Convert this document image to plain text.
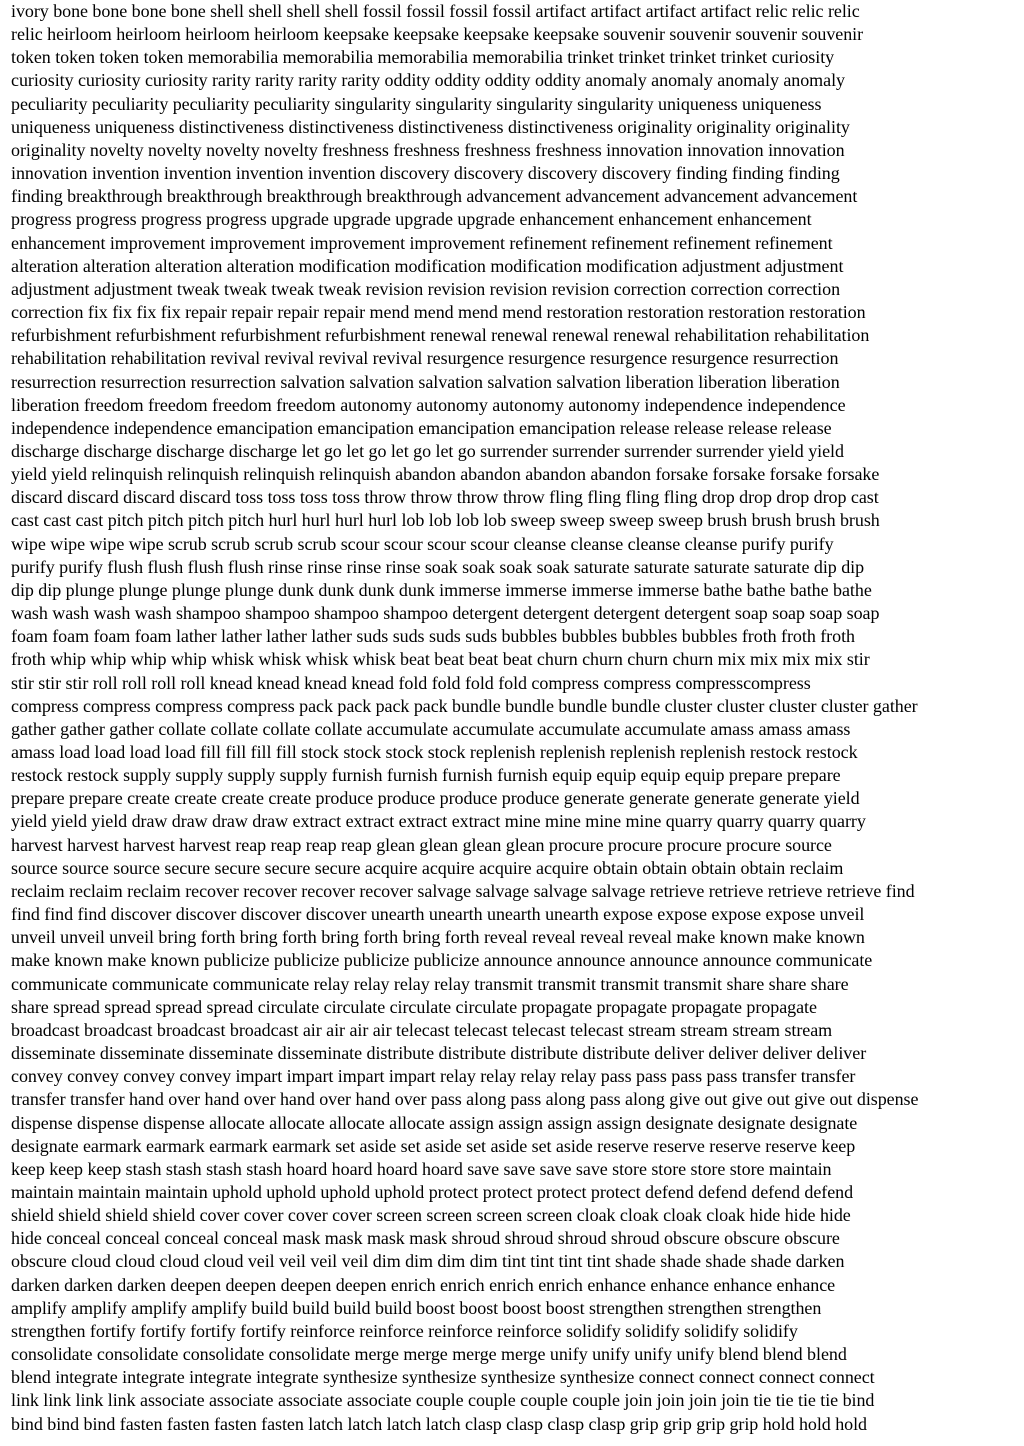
ivory bone bone bone bone shell shell shell shell fossil fossil fossil fossil artifact artifact artifact artifact relic relic relic
relic heirloom heirloom heirloom heirloom keepsake keepsake keepsake keepsake souvenir souvenir souvenir souvenir
token token token token memorabilia memorabilia memorabilia memorabilia trinket trinket trinket trinket curiosity
curiosity curiosity curiosity rarity rarity rarity rarity oddity oddity oddity oddity anomaly anomaly anomaly anomaly
peculiarity peculiarity peculiarity peculiarity singularity singularity singularity singularity uniqueness uniqueness
uniqueness uniqueness distinctiveness distinctiveness distinctiveness distinctiveness originality originality originality
originality novelty novelty novelty novelty freshness freshness freshness freshness innovation innovation innovation
innovation invention invention invention invention discovery discovery discovery discovery finding finding finding
finding breakthrough breakthrough breakthrough breakthrough advancement advancement advancement advancement
progress progress progress progress upgrade upgrade upgrade upgrade enhancement enhancement enhancement
enhancement improvement improvement improvement improvement refinement refinement refinement refinement
alteration alteration alteration alteration modification modification modification modification adjustment adjustment
adjustment adjustment tweak tweak tweak tweak revision revision revision revision correction correction correction
correction fix fix fix fix repair repair repair repair mend mend mend mend restoration restoration restoration restoration
refurbishment refurbishment refurbishment refurbishment renewal renewal renewal renewal rehabilitation rehabilitation
rehabilitation rehabilitation revival revival revival revival resurgence resurgence resurgence resurgence resurrection
resurrection resurrection resurrection salvation salvation salvation salvation salvation liberation liberation liberation
liberation freedom freedom freedom freedom autonomy autonomy autonomy autonomy independence independence
independence independence emancipation emancipation emancipation emancipation release release release release
discharge discharge discharge discharge let go let go let go let go surrender surrender surrender surrender yield yield
yield yield relinquish relinquish relinquish relinquish abandon abandon abandon abandon forsake forsake forsake forsake
discard discard discard discard toss toss toss toss throw throw throw throw fling fling fling fling drop drop drop drop cast
cast cast cast pitch pitch pitch pitch hurl hurl hurl hurl lob lob lob lob sweep sweep sweep sweep brush brush brush brush
wipe wipe wipe wipe scrub scrub scrub scrub scour scour scour scour cleanse cleanse cleanse cleanse purify purify
purify purify flush flush flush flush rinse rinse rinse rinse soak soak soak soak saturate saturate saturate saturate dip dip
dip dip plunge plunge plunge plunge dunk dunk dunk dunk immerse immerse immerse immerse bathe bathe bathe bathe
wash wash wash wash shampoo shampoo shampoo shampoo detergent detergent detergent detergent soap soap soap soap
foam foam foam foam lather lather lather lather suds suds suds suds bubbles bubbles bubbles bubbles froth froth froth
froth whip whip whip whip whisk whisk whisk whisk beat beat beat beat churn churn churn churn mix mix mix mix stir
stir stir stir roll roll roll roll knead knead knead knead fold fold fold fold compress compress compresscompress
compress compress compress compress pack pack pack pack bundle bundle bundle bundle cluster cluster cluster cluster gather
gather gather gather collate collate collate collate accumulate accumulate accumulate accumulate amass amass amass
amass load load load load fill fill fill fill stock stock stock stock replenish replenish replenish replenish restock restock
restock restock supply supply supply supply furnish furnish furnish furnish equip equip equip equip prepare prepare
prepare prepare create create create create produce produce produce produce generate generate generate generate yield
yield yield yield draw draw draw draw extract extract extract extract mine mine mine mine quarry quarry quarry quarry
harvest harvest harvest harvest reap reap reap reap glean glean glean glean procure procure procure procure source
source source source secure secure secure secure acquire acquire acquire acquire obtain obtain obtain obtain reclaim
reclaim reclaim reclaim recover recover recover recover salvage salvage salvage salvage retrieve retrieve retrieve retrieve find
find find find discover discover discover discover unearth unearth unearth unearth expose expose expose expose unveil
unveil unveil unveil bring forth bring forth bring forth bring forth reveal reveal reveal reveal make known make known
make known make known publicize publicize publicize publicize announce announce announce announce communicate
communicate communicate communicate relay relay relay relay transmit transmit transmit transmit share share share
share spread spread spread spread circulate circulate circulate circulate propagate propagate propagate propagate
broadcast broadcast broadcast broadcast air air air air telecast telecast telecast telecast stream stream stream stream
disseminate disseminate disseminate disseminate distribute distribute distribute distribute deliver deliver deliver deliver
convey convey convey convey impart impart impart impart relay relay relay relay pass pass pass pass transfer transfer
transfer transfer hand over hand over hand over hand over pass along pass along pass along give out give out give out dispense
dispense dispense dispense allocate allocate allocate allocate assign assign assign assign designate designate designate
designate earmark earmark earmark earmark set aside set aside set aside set aside reserve reserve reserve reserve keep
keep keep keep stash stash stash stash hoard hoard hoard hoard save save save save store store store store maintain
maintain maintain maintain uphold uphold uphold uphold protect protect protect protect defend defend defend defend
shield shield shield shield cover cover cover cover screen screen screen screen cloak cloak cloak cloak hide hide hide
hide conceal conceal conceal conceal mask mask mask mask shroud shroud shroud shroud obscure obscure obscure
obscure cloud cloud cloud cloud veil veil veil veil dim dim dim dim tint tint tint tint shade shade shade shade darken
darken darken darken deepen deepen deepen deepen enrich enrich enrich enrich enhance enhance enhance enhance
amplify amplify amplify amplify build build build build boost boost boost boost strengthen strengthen strengthen
strengthen fortify fortify fortify fortify reinforce reinforce reinforce reinforce solidify solidify solidify solidify
consolidate consolidate consolidate consolidate merge merge merge merge unify unify unify unify blend blend blend
blend integrate integrate integrate integrate synthesize synthesize synthesize synthesize connect connect connect connect
link link link link associate associate associate associate couple couple couple couple join join join join tie tie tie tie bind
bind bind bind fasten fasten fasten fasten latch latch latch latch clasp clasp clasp clasp grip grip grip grip hold hold hold
